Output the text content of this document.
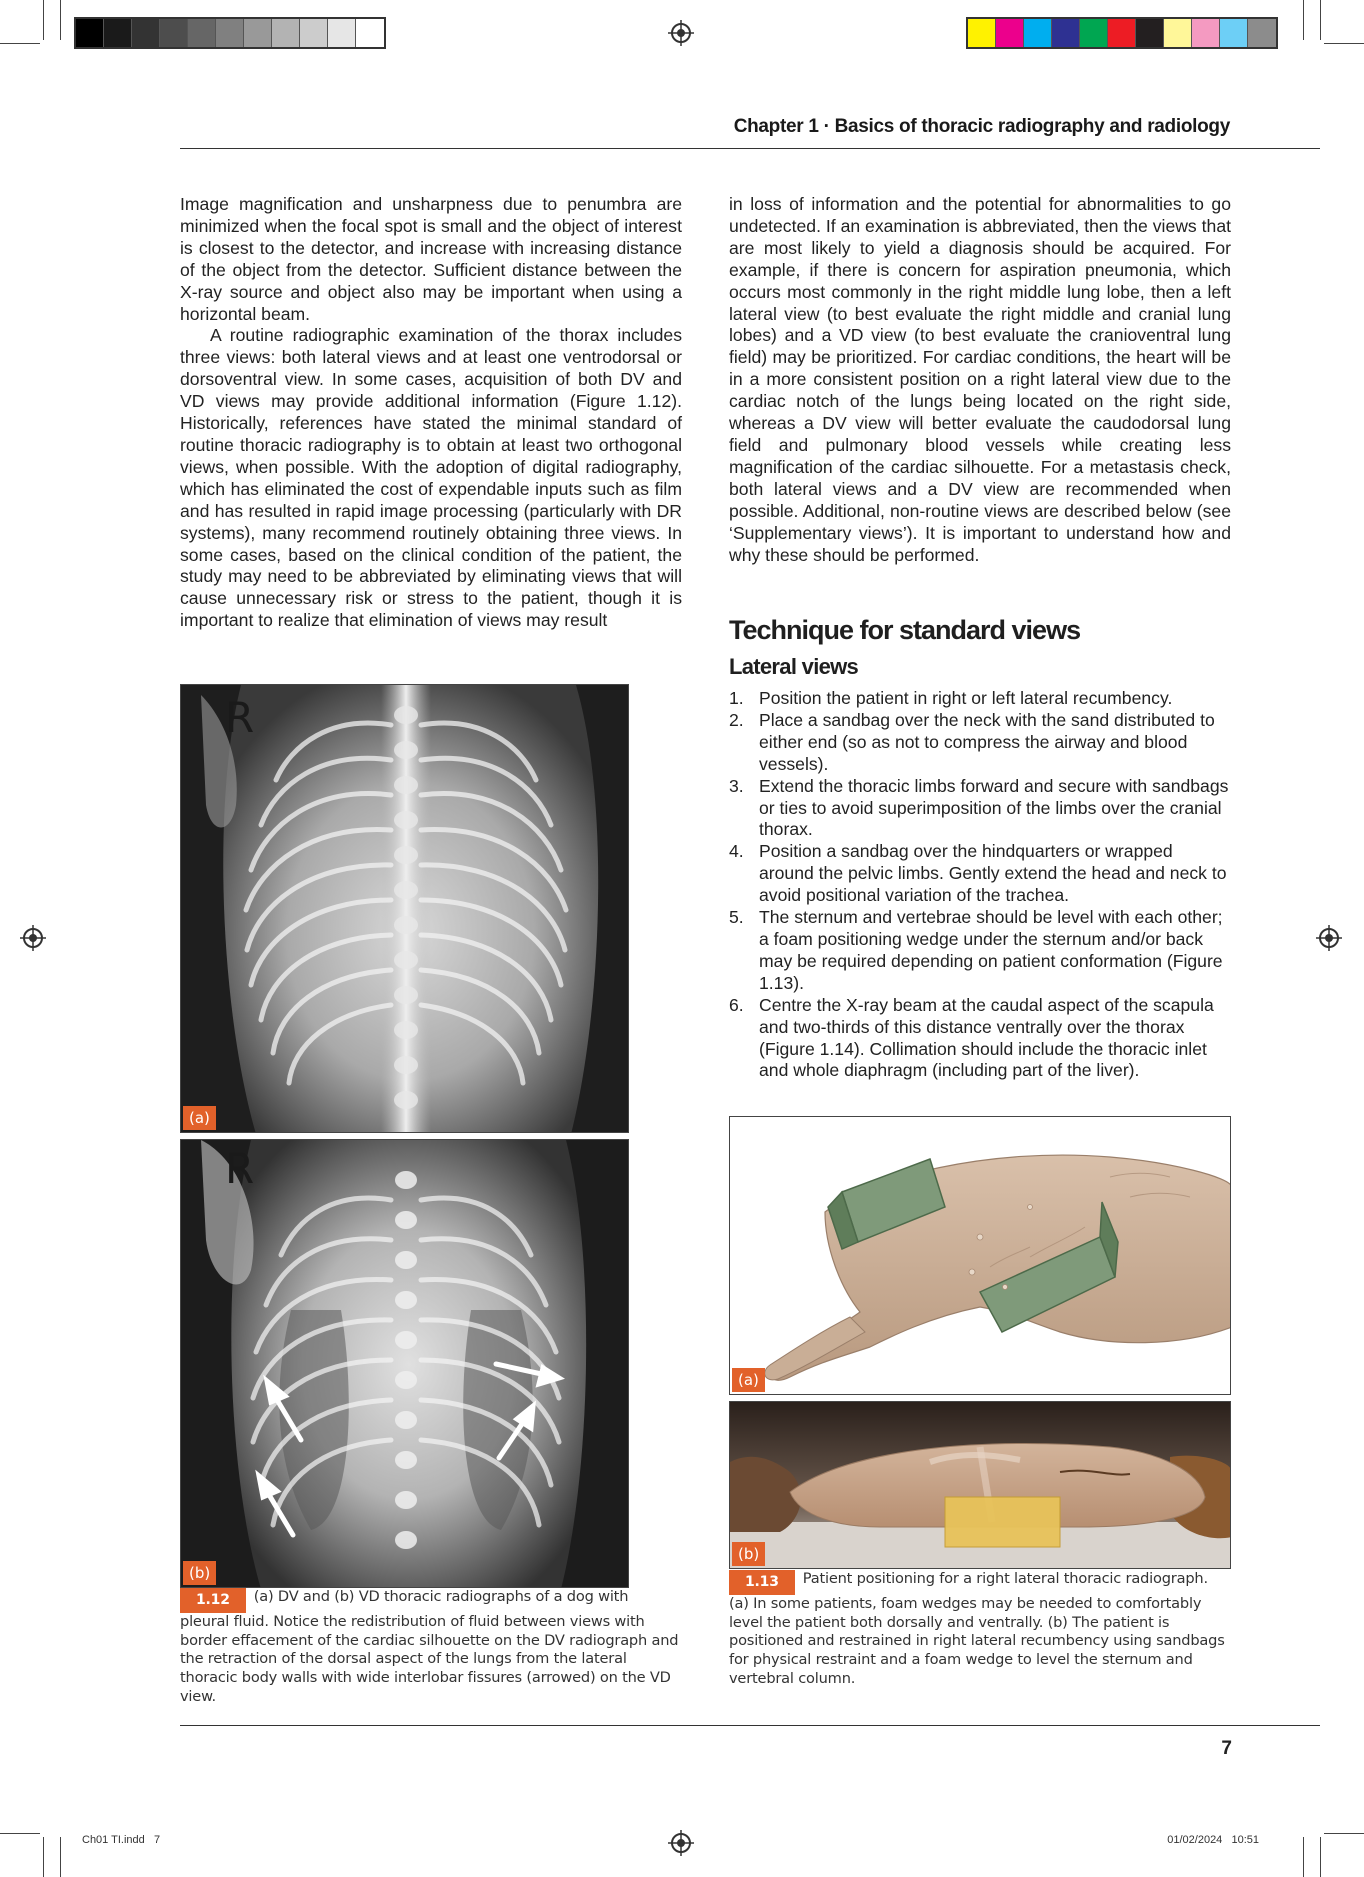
Chapter 1 · Basics of thoracic radiography and radiology

Image magnification and unsharpness due to penumbra are minimized when the focal spot is small and the object of interest is closest to the detector, and increase with increasing distance of the object from the detector. Sufficient distance between the X-ray source and object also may be important when using a horizontal beam.

A routine radiographic examination of the thorax includes three views: both lateral views and at least one ventrodorsal or dorsoventral view. In some cases, acquisition of both DV and VD views may provide additional information (Figure 1.12). Historically, references have stated the minimal standard of routine thoracic radiography is to obtain at least two orthogonal views, when possible. With the adoption of digital radiography, which has eliminated the cost of expendable inputs such as film and has resulted in rapid image processing (particularly with DR systems), many recommend routinely obtaining three views. In some cases, based on the clinical condition of the patient, the study may need to be abbreviated by eliminating views that will cause unnecessary risk or stress to the patient, though it is important to realize that elimination of views may result

in loss of information and the potential for abnormalities to go undetected. If an examination is abbreviated, then the views that are most likely to yield a diagnosis should be acquired. For example, if there is concern for aspiration pneumonia, which occurs most commonly in the right middle lung lobe, then a left lateral view (to best evaluate the right middle and cranial lung lobes) and a VD view (to best evaluate the cranioventral lung field) may be prioritized. For cardiac conditions, the heart will be in a more consistent position on a right lateral view due to the cardiac notch of the lungs being located on the right side, whereas a DV view will better evaluate the caudodorsal lung field and pulmonary blood vessels while creating less magnification of the cardiac silhouette. For a metastasis check, both lateral views and a DV view are recommended when possible. Additional, non-routine views are described below (see ‘Supplementary views’). It is important to understand how and why these should be performed.

Technique for standard views
Lateral views
1. Position the patient in right or left lateral recumbency.
2. Place a sandbag over the neck with the sand distributed to either end (so as not to compress the airway and blood vessels).
3. Extend the thoracic limbs forward and secure with sandbags or ties to avoid superimposition of the limbs over the cranial thorax.
4. Position a sandbag over the hindquarters or wrapped around the pelvic limbs. Gently extend the head and neck to avoid positional variation of the trachea.
5. The sternum and vertebrae should be level with each other; a foam positioning wedge under the sternum and/or back may be required depending on patient conformation (Figure 1.13).
6. Centre the X-ray beam at the caudal aspect of the scapula and two-thirds of this distance ventrally over the thorax (Figure 1.14). Collimation should include the thoracic inlet and whole diaphragm (including part of the liver).
R
(a)
R
(b)
1.12 (a) DV and (b) VD thoracic radiographs of a dog with pleural fluid. Notice the redistribution of fluid between views with border effacement of the cardiac silhouette on the DV radiograph and the retraction of the dorsal aspect of the lungs from the lateral thoracic body walls with wide interlobar fissures (arrowed) on the VD view.
(a)
(b)
1.13 Patient positioning for a right lateral thoracic radiograph. (a) In some patients, foam wedges may be needed to comfortably level the patient both dorsally and ventrally. (b) The patient is positioned and restrained in right lateral recumbency using sandbags for physical restraint and a foam wedge to level the sternum and vertebral column.
7
Ch01 TI.indd   7	01/02/2024   10:51
